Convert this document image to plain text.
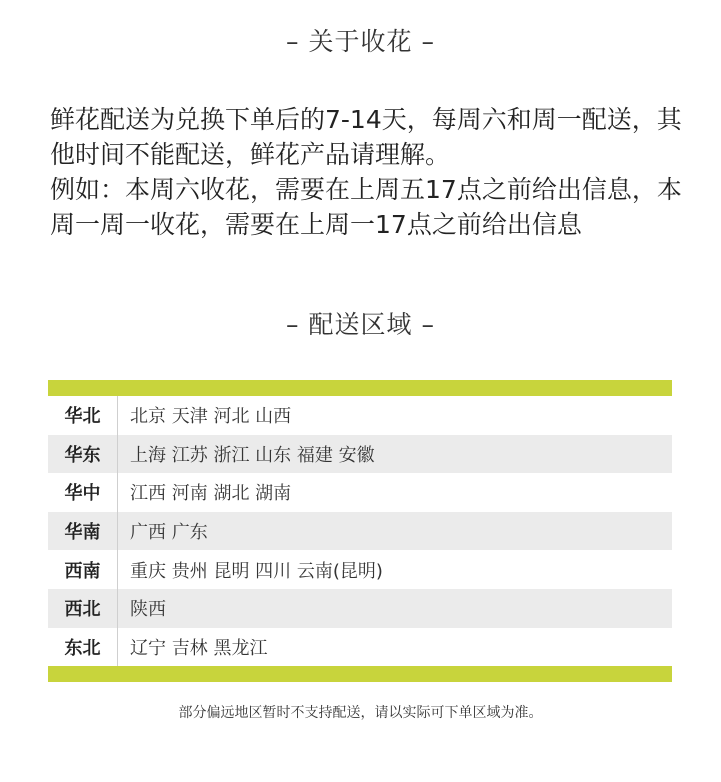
– 关于收花 –

鲜花配送为兑换下单后的7-14天，每周六和周一配送，其他时间不能配送，鲜花产品请理解。

例如：本周六收花，需要在上周五17点之前给出信息，本周一周一收花，需要在上周一17点之前给出信息

– 配送区域 –
华北	北京 天津 河北 山西
华东	上海 江苏 浙江 山东 福建 安徽
华中	江西 河南 湖北 湖南
华南	广西 广东
西南	重庆 贵州 昆明 四川 云南(昆明)
西北	陕西
东北	辽宁 吉林 黑龙江
部分偏远地区暂时不支持配送，请以实际可下单区域为准。
